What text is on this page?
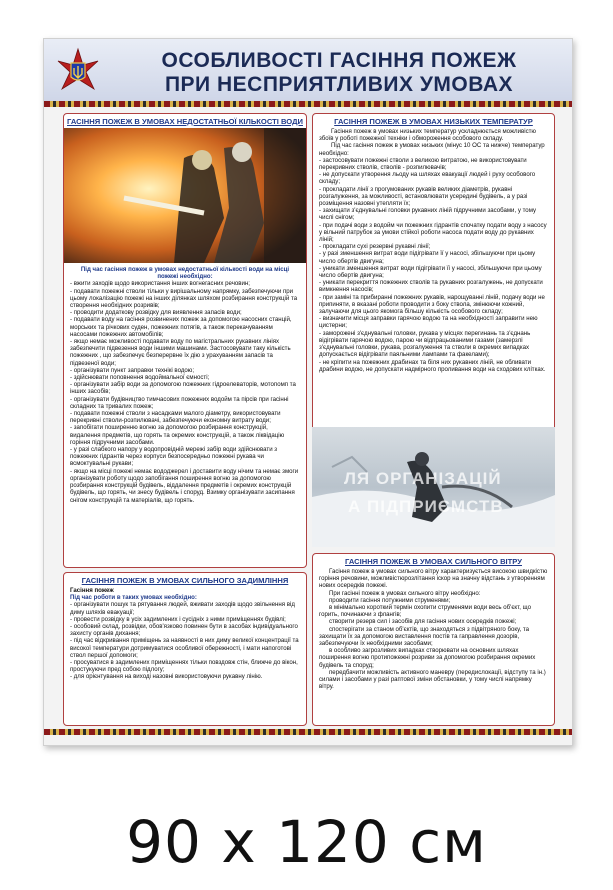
ОСОБЛИВОСТІ ГАСІННЯ ПОЖЕЖ
ПРИ НЕСПРИЯТЛИВИХ УМОВАХ
ГАСІННЯ ПОЖЕЖ В УМОВАХ НЕДОСТАТНЬОЇ КІЛЬКОСТІ ВОДИ

Під час гасіння пожеж в умовах недостатньої кількості води на місці пожежі необхідно:

- вжити заходів щодо використання інших вогнегасних речовин;

- подавати пожежні стволи тільки у вирішальному напрямку, забезпечуючи при цьому локалізацію пожежі на інших ділянках шляхом розбирання конструкцій та створення необхідних розривів;

- проводити додаткову розвідку для виявлення запасів води;

- подавати воду на гасіння розвинених пожеж за допомогою насосних станцій, морських та річкових суден, пожежних потягів, а також перекачуванням насосами пожежних автомобілів;

- якщо немає можливості подавати воду по магістральних рукавних лініях забезпечити підвезення води іншими машинами. Застосовувати таку кількість пожежних , що забезпечує безперервне їх дію з урахуванням запасів та підвезеної води;

- організувати пункт заправки технікі водою;

- здійснювати поповнення водоймальної ємності;

- організувати забір води за допомогою пожежних гідроелеваторів, мотопомп та інших засобів;

- організувати будівництво тимчасових пожежних водойм та пірсів при гасінні складних та тривалих пожеж;

- подавати пожежні стволи з насадками малого діаметру, використовувати перекривні стволи-розпилювачі, забезпечуючи економну витрату води;

- запобігати поширенню вогню за допомогою розбирання конструкцій, видалення предметів, що горять та окремих конструкцій, а також ліквідацію горіння підручними засобами.

- у разі слабкого напору у водопровідній мережі забір води здійснювати з пожежних гідрантів через корпуси безпосередньо пожежні рукава чи всмоктувальні рукави;

- якщо на місці пожежі немає вододжерел і доставити воду нічим та немає змоги організувати роботу щодо запобігання поширення вогню за допомогою розбирання конструкцій будівель, віддалення предметів і окремих конструкцій будівель, що горять, чи знесу будівель і споруд. Взимку організувати засипання снігом конструкцій та матеріалів, що горять.

ГАСІННЯ ПОЖЕЖ В УМОВАХ СИЛЬНОГО ЗАДИМЛІННЯ

Гасіння пожеж

Під час роботи в таких умовах необхідно:

- організувати пошук та рятування людей, вживати заходів щодо звільнення від диму шляхів евакуації;

- провести розвідку в усіх задимлених і сусідніх з ними приміщеннях будівлі;

- особовий склад, розвідки, обов'язково повинен бути в засобах індивідуального захисту органів дихання;

- під час відкривання приміщень за наявності в них диму великої концентрації та високої температури дотримуватися особливої обережності, і мати напоготові ствол першої допомоги;

- просуватися в задимлених приміщеннях тільки повздовж стін, ближче до вікон, простукуючи пред собою підлогу;

- для орієнтування на виході назовні використовуючи рукавну лінію.

ГАСІННЯ ПОЖЕЖ В УМОВАХ НИЗЬКИХ ТЕМПЕРАТУР

Гасіння пожеж в умовах низьких температур ускладнюється можливістю збоїв у роботі пожежної техніки і обмороження особового складу.

Під час гасіння пожеж в умовах низьких (мінус 10 ОС та нижче) температур необхідно:

- застосовувати пожежні стволи з великою витратою, не використовувати перекривних стволів, стволів - розпилювачів;

- не допускати утворення льоду на шляхах евакуації людей і руху особового складу;

- прокладати лінії з прогумованих рукавів великих діаметрів, рукавні розгалуження, за можливості, встановлювати усередині будівель, а у разі розміщення назовні утепляти їх;

- захищати з'єднувальні головки рукавних ліній підручними засобами, у тому числі снігом;

- при подачі води з водойм чи пожежних гідрантів спочатку подати воду з насосу у вільний патрубок за умови стійкої роботи насоса подати воду до рукавних ліній;

- прокладати сухі резервні рукавні лінії;

- у разі зменшення витрат води підігрівати її у насосі, збільшуючи при цьому число обертів двигуна;

- уникати зменшення витрат води підігрівати її у насосі, збільшуючи при цьому число обертів двигуна;

- уникати перекриття пожежних стволів та рукавних розгалужень, не допускати вимкнення насосів;

- при заміні та прибиранні пожежних рукавів, нарощуванні ліній, подачу води не припиняти, в вказані роботи проводити з боку ствола, змінюючи кожний, залучаючи для цього якомога більшу кількість особового складу;

- визначити місця заправки гарячою водою та на необхідності заправити нею цистерни;

- заморожені з'єднувальні головки, рукава у місцях перегинань та з'єднань відігрівати гарячою водою, парою чи відпрацьованими газами (замерзлі з'єднувальні головки, рукава, розгалуження та стволи в окремих випадках допускається відігрівати паяльними лампами та факелами);

- не кріпити на пожежних драбинах та біля них рукавних ліній, не обливати драбини водою, не допускати надмірного проливання води на сходових клітках.

ЛЯ ОРГАНІЗАЦІЙ
А ПІДПРИЄМСТВ
ГАСІННЯ ПОЖЕЖ В УМОВАХ СИЛЬНОГО ВІТРУ

Гасіння пожеж в умовах сильного вітру характеризується високою швидкістю горіння речовини, можливістюрозлітання іскор на значну відстань з утворенням нових осередків пожежі.

При гасінні пожеж в умовах сильного вітру необхідно:

проводити гасіння потужними струменями;

в мінімально короткий термін охопити струменями води весь об'єкт, що горить, починаючи з флангів;

створити резерв сил і засобів для гасіння нових осередків пожежі;

спостерігати за станом об'єктів, що знаходяться з підвітряного боку, та захищати їх за допомогою виставлення постів та гаправлення дозорів, забезпечуючи їх необхідними засобами;

в особливо загрозливих випадках створювати на основних шляхах поширення вогню протипожежні розриви за допомогою розбирання окремих будівель та споруд;

передбачити можливість активного маневру (передислокації, відступу та ін.) силами і засобами у разі раптової зміни обстановки, у тому числі напрямку вітру.

90 x 120 см
